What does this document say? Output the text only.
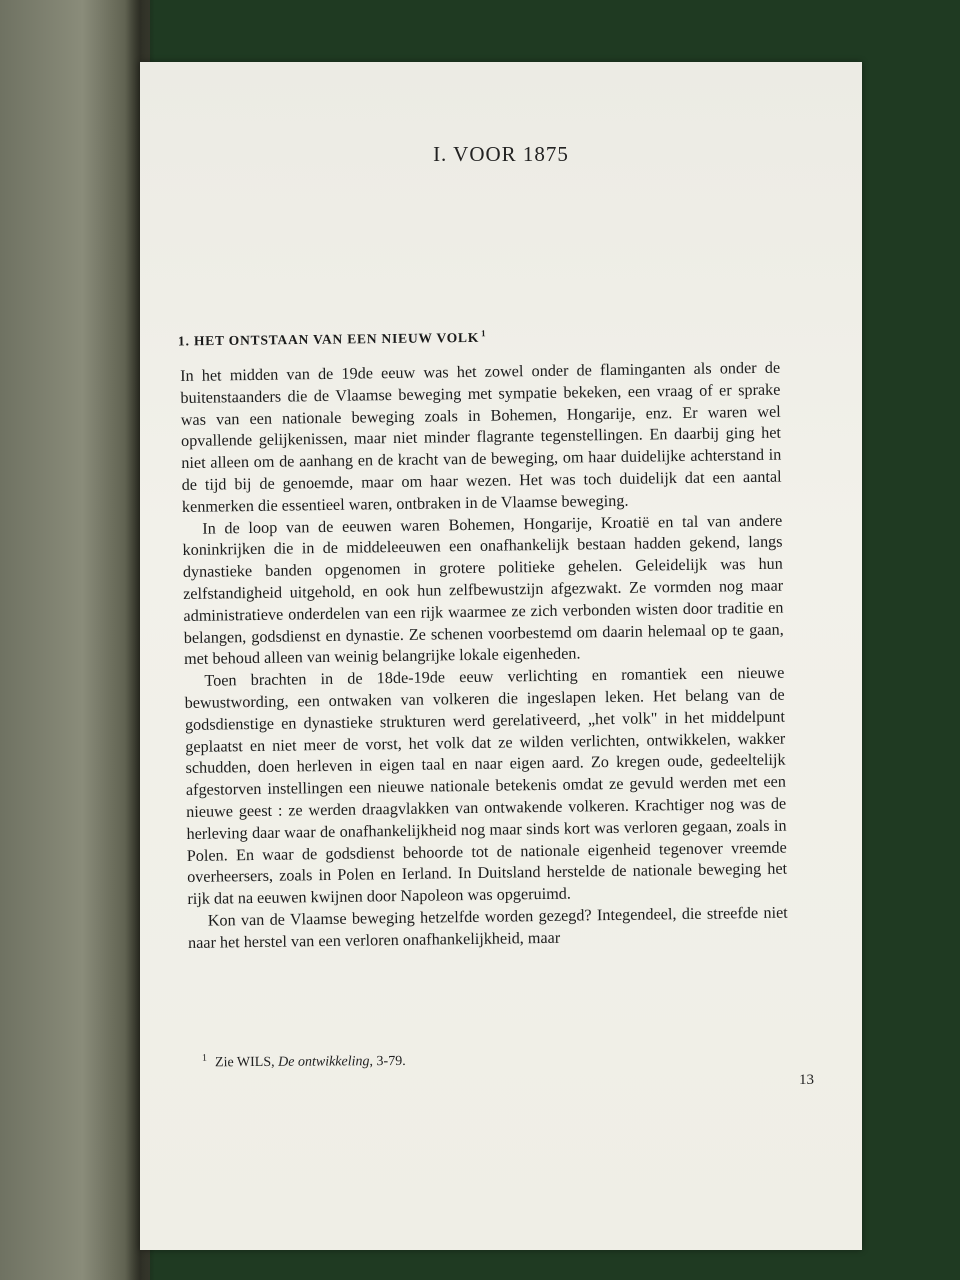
I. VOOR 1875
1. HET ONTSTAAN VAN EEN NIEUW VOLK $^1$

In het midden van de 19de eeuw was het zowel onder de flaminganten als onder de buitenstaanders die de Vlaamse beweging met sympatie bekeken, een vraag of er sprake was van een nationale beweging zoals in Bohemen, Hongarije, enz. Er waren wel opvallende gelijkenissen, maar niet minder flagrante tegenstellingen. En daarbij ging het niet alleen om de aanhang en de kracht van de beweging, om haar duidelijke achterstand in de tijd bij de genoemde, maar om haar wezen. Het was toch duidelijk dat een aantal kenmerken die essentieel waren, ontbraken in de Vlaamse beweging.

In de loop van de eeuwen waren Bohemen, Hongarije, Kroatië en tal van andere koninkrijken die in de middeleeuwen een onafhankelijk bestaan hadden gekend, langs dynastieke banden opgenomen in grotere politieke gehelen. Geleidelijk was hun zelfstandigheid uitgehold, en ook hun zelfbewustzijn afgezwakt. Ze vormden nog maar administratieve onderdelen van een rijk waarmee ze zich verbonden wisten door traditie en belangen, godsdienst en dynastie. Ze schenen voorbestemd om daarin helemaal op te gaan, met behoud alleen van weinig belangrijke lokale eigenheden.

Toen brachten in de 18de-19de eeuw verlichting en romantiek een nieuwe bewustwording, een ontwaken van volkeren die ingeslapen leken. Het belang van de godsdienstige en dynastieke strukturen werd gerelativeerd, „het volk" in het middelpunt geplaatst en niet meer de vorst, het volk dat ze wilden verlichten, ontwikkelen, wakker schudden, doen herleven in eigen taal en naar eigen aard. Zo kregen oude, gedeeltelijk afgestorven instellingen een nieuwe nationale betekenis omdat ze gevuld werden met een nieuwe geest : ze werden draagvlakken van ontwakende volkeren. Krachtiger nog was de herleving daar waar de onafhankelijkheid nog maar sinds kort was verloren gegaan, zoals in Polen. En waar de godsdienst behoorde tot de nationale eigenheid tegenover vreemde overheersers, zoals in Polen en Ierland. In Duitsland herstelde de nationale beweging het rijk dat na eeuwen kwijnen door Napoleon was opgeruimd.

Kon van de Vlaamse beweging hetzelfde worden gezegd? Integendeel, die streefde niet naar het herstel van een verloren onafhankelijkheid, maar

$^1$ Zie WILS, De ontwikkeling, 3-79.
13
